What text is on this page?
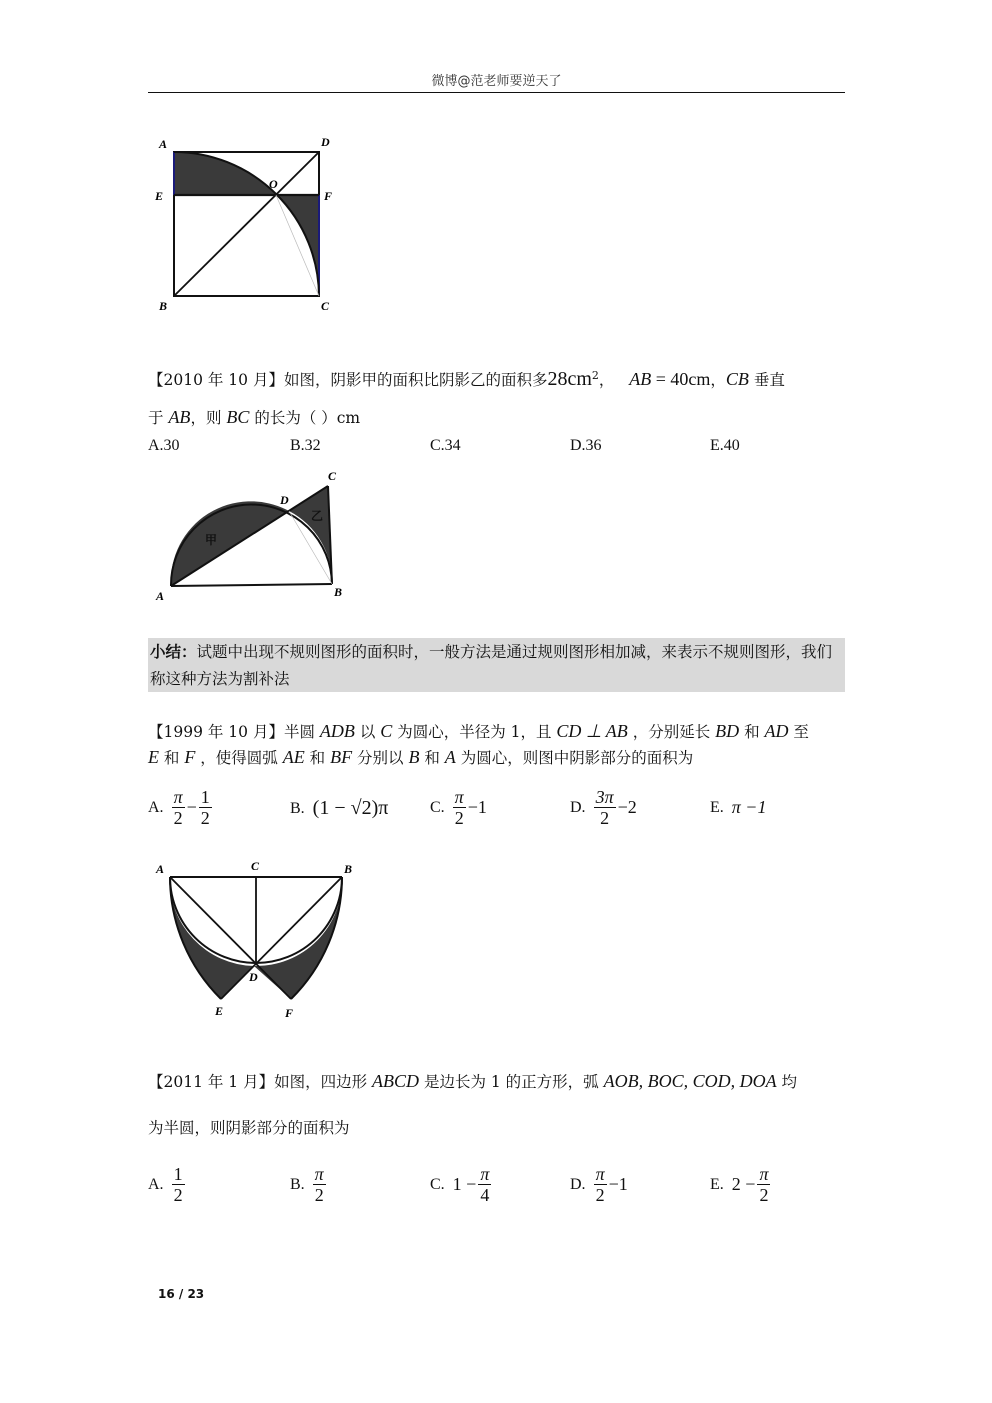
微博@范老师要逆天了
A	D
E
O
F
B	C
【2010 年 10 月】如图，阴影甲的面积比阴影乙的面积多$28cm^2$， AB = 40cm，CB 垂直
于 AB，则 BC 的长为（ ）cm
A.30	B.32	C.34	D.36	E.40
A	B
C
D
甲
乙
小结：试题中出现不规则图形的面积时，一般方法是通过规则图形相加减，来表示不规则图形，我们称这种方法为割补法
【1999 年 10 月】半圆 ADB 以 C 为圆心，半径为 1，且 CD ⊥ AB ，分别延长 BD 和 AD 至
E 和 F ，使得圆弧 AE 和 BF 分别以 B 和 A 为圆心，则图中阴影部分的面积为
A. $\frac{\pi}{2} - \frac{1}{2}$	B. (1 − √2)π	C. $\frac{\pi}{2} -1$	D. $\frac{3\pi}{2} -2$	E. π −1
A	C	B
D
E	F
【2011 年 1 月】如图，四边形 ABCD 是边长为 1 的正方形，弧 AOB, BOC, COD, DOA 均
为半圆，则阴影部分的面积为
A. $\frac{1}{2}$	B. $\frac{\pi}{2}$	C. $1 - \frac{\pi}{4}$	D. $\frac{\pi}{2} -1$	E. $2 - \frac{\pi}{2}$
16 / 23
